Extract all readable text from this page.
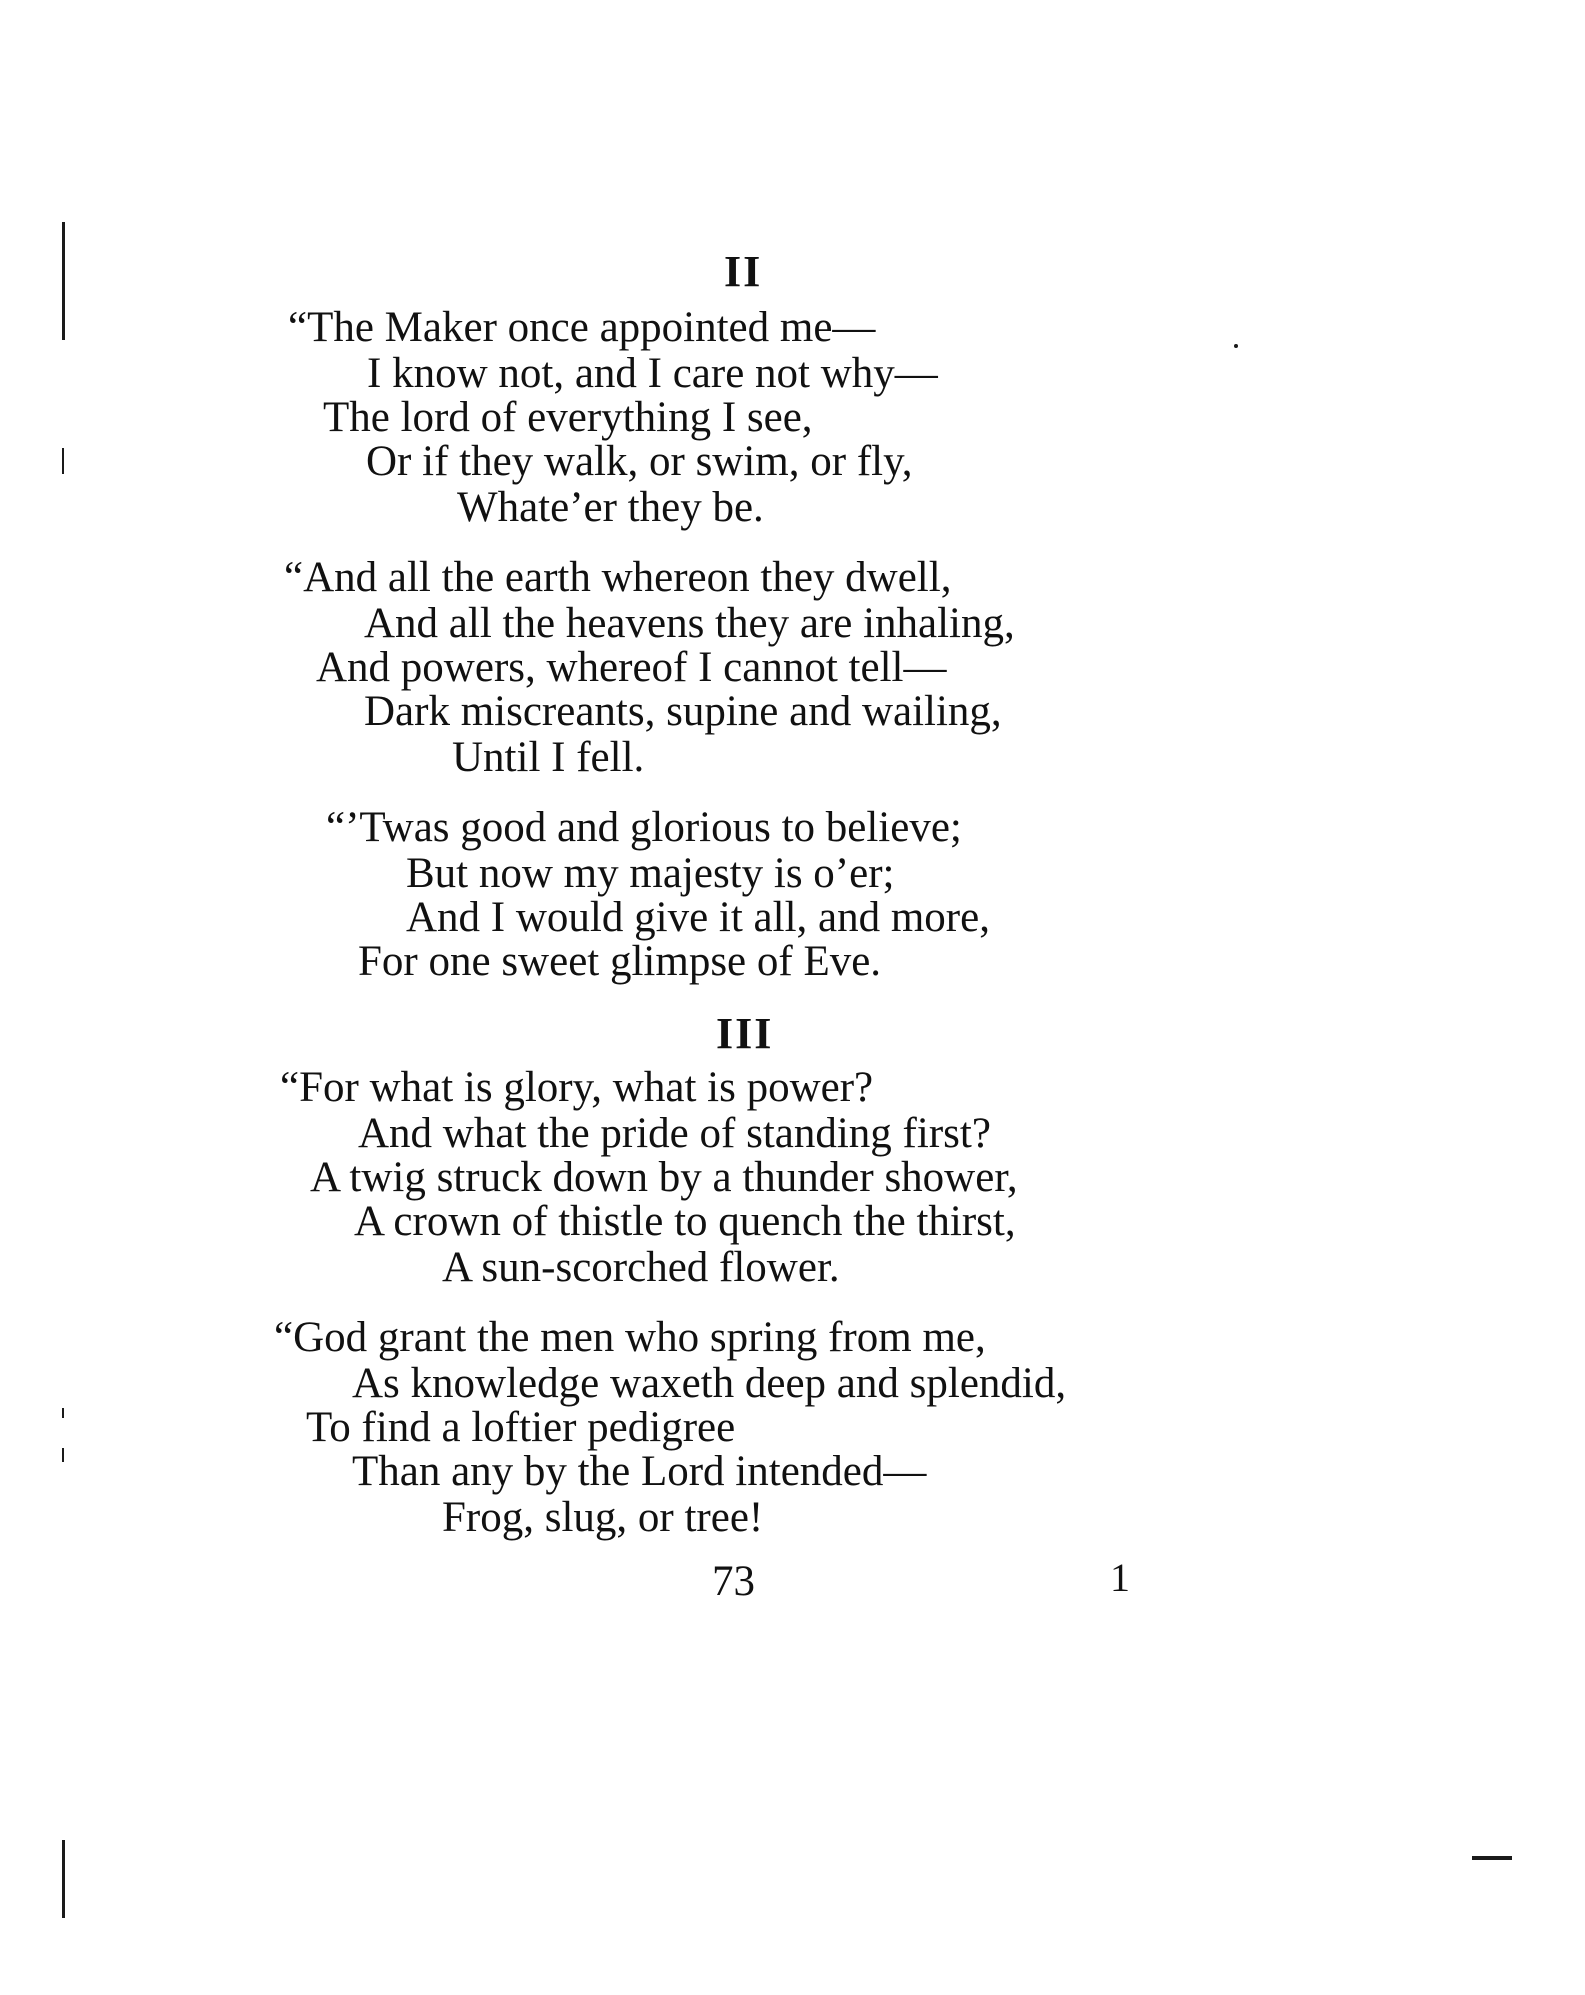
II
“The Maker once appointed me—
I know not, and I care not why—
The lord of everything I see,
Or if they walk, or swim, or fly,
Whate’er they be.
“And all the earth whereon they dwell,
And all the heavens they are inhaling,
And powers, whereof I cannot tell—
Dark miscreants, supine and wailing,
Until I fell.
“’Twas good and glorious to believe;
But now my majesty is o’er;
And I would give it all, and more,
For one sweet glimpse of Eve.
III
“For what is glory, what is power?
And what the pride of standing first?
A twig struck down by a thunder shower,
A crown of thistle to quench the thirst,
A sun-scorched flower.
“God grant the men who spring from me,
As knowledge waxeth deep and splendid,
To find a loftier pedigree
Than any by the Lord intended—
Frog, slug, or tree!
73	1
